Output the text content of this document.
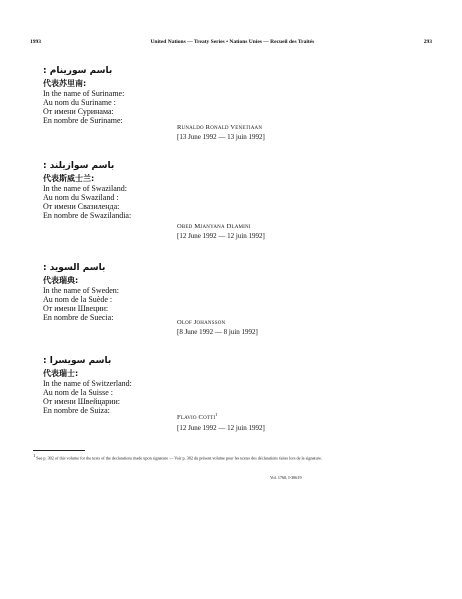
1993	United Nations — Treaty Series • Nations Unies — Recueil des Traités	293
باسم سورينام :
代表苏里南:
In the name of Suriname:
Au nom du Suriname :
От имени Суринама:
En nombre de Suriname:
Runaldo Ronald Venetiaan
[13 June 1992 — 13 juin 1992]
باسم سوازيلند :
代表斯威士兰:
In the name of Swaziland:
Au nom du Swaziland :
От имени Свазиленда:
En nombre de Swazilandia:
Obed Mjanyana Dlamini
[12 June 1992 — 12 juin 1992]
باسم السويد :
代表瑞典:
In the name of Sweden:
Au nom de la Suède :
От имени Швеции:
En nombre de Suecia:
Olof Johansson
[8 June 1992 — 8 juin 1992]
باسم سويسرا :
代表瑞士:
In the name of Switzerland:
Au nom de la Suisse :
От имени Швейцарии:
En nombre de Suiza:
Flavio Cotti$^1$
[12 June 1992 — 12 juin 1992]
1 See p. 302 of this volume for the texts of the declarations made upon signature — Voir p. 302 du présent volume pour les textes des déclarations faites lors de la signature.
Vol. 1760, I-30619
